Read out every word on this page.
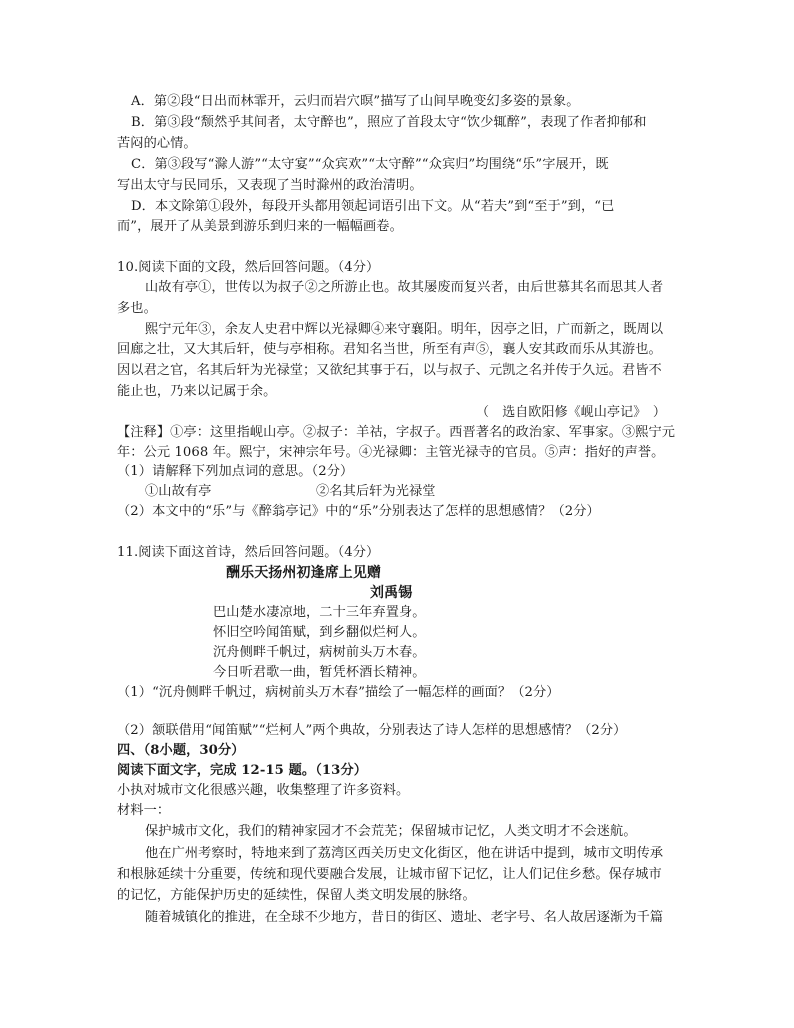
A．第②段“日出而林霏开，云归而岩穴暝”描写了山间早晚变幻多姿的景象。
B．第③段“颓然乎其间者，太守醉也”，照应了首段太守“饮少辄醉”，表现了作者抑郁和
苦闷的心情。
C．第③段写“滁人游”“太守宴”“众宾欢”“太守醉”“众宾归”均围绕“乐”字展开，既
写出太守与民同乐，又表现了当时滁州的政治清明。
D．本文除第①段外，每段开头都用领起词语引出下文。从“若夫”到“至于”到，“已
而”，展开了从美景到游乐到归来的一幅幅画卷。
10.阅读下面的文段，然后回答问题。（4分）
山故有亭①，世传以为叔子②之所游止也。故其屡废而复兴者，由后世慕其名而思其人者
多也。
熙宁元年③，余友人史君中辉以光禄卿④来守襄阳。明年，因亭之旧，广而新之，既周以
回廊之壮，又大其后轩，使与亭相称。君知名当世，所至有声⑤，襄人安其政而乐从其游也。
因以君之官，名其后轩为光禄堂；又欲纪其事于石，以与叔子、元凯之名并传于久远。君皆不
能止也，乃来以记属于余。
（　选自欧阳修《岘山亭记》　）
【注释】①亭：这里指岘山亭。②叔子：羊祜，字叔子。西晋著名的政治家、军事家。③熙宁元
年：公元 1068 年。熙宁，宋神宗年号。④光禄卿：主管光禄寺的官员。⑤声：指好的声誉。
（1）请解释下列加点词的意思。（2分）
①山故有亭	②名其后轩为光禄堂
（2）本文中的“乐”与《醉翁亭记》中的“乐”分别表达了怎样的思想感情？（2分）
11.阅读下面这首诗，然后回答问题。（4分）
酬乐天扬州初逢席上见赠
刘禹锡
巴山楚水凄凉地，二十三年弃置身。
怀旧空吟闻笛赋，到乡翻似烂柯人。
沉舟侧畔千帆过，病树前头万木春。
今日听君歌一曲，暂凭杯酒长精神。
（1）“沉舟侧畔千帆过，病树前头万木春”描绘了一幅怎样的画面？（2分）
（2）颔联借用“闻笛赋”“烂柯人”两个典故，分别表达了诗人怎样的思想感情？（2分）
四、（8小题，30分）
阅读下面文字，完成 12-15 题。（13分）
小执对城市文化很感兴趣，收集整理了许多资料。
材料一：
保护城市文化，我们的精神家园才不会荒芜；保留城市记忆，人类文明才不会迷航。
他在广州考察时，特地来到了荔湾区西关历史文化街区，他在讲话中提到，城市文明传承
和根脉延续十分重要，传统和现代要融合发展，让城市留下记忆，让人们记住乡愁。保存城市
的记忆，方能保护历史的延续性，保留人类文明发展的脉络。
随着城镇化的推进，在全球不少地方，昔日的街区、遗址、老字号、名人故居逐渐为千篇
